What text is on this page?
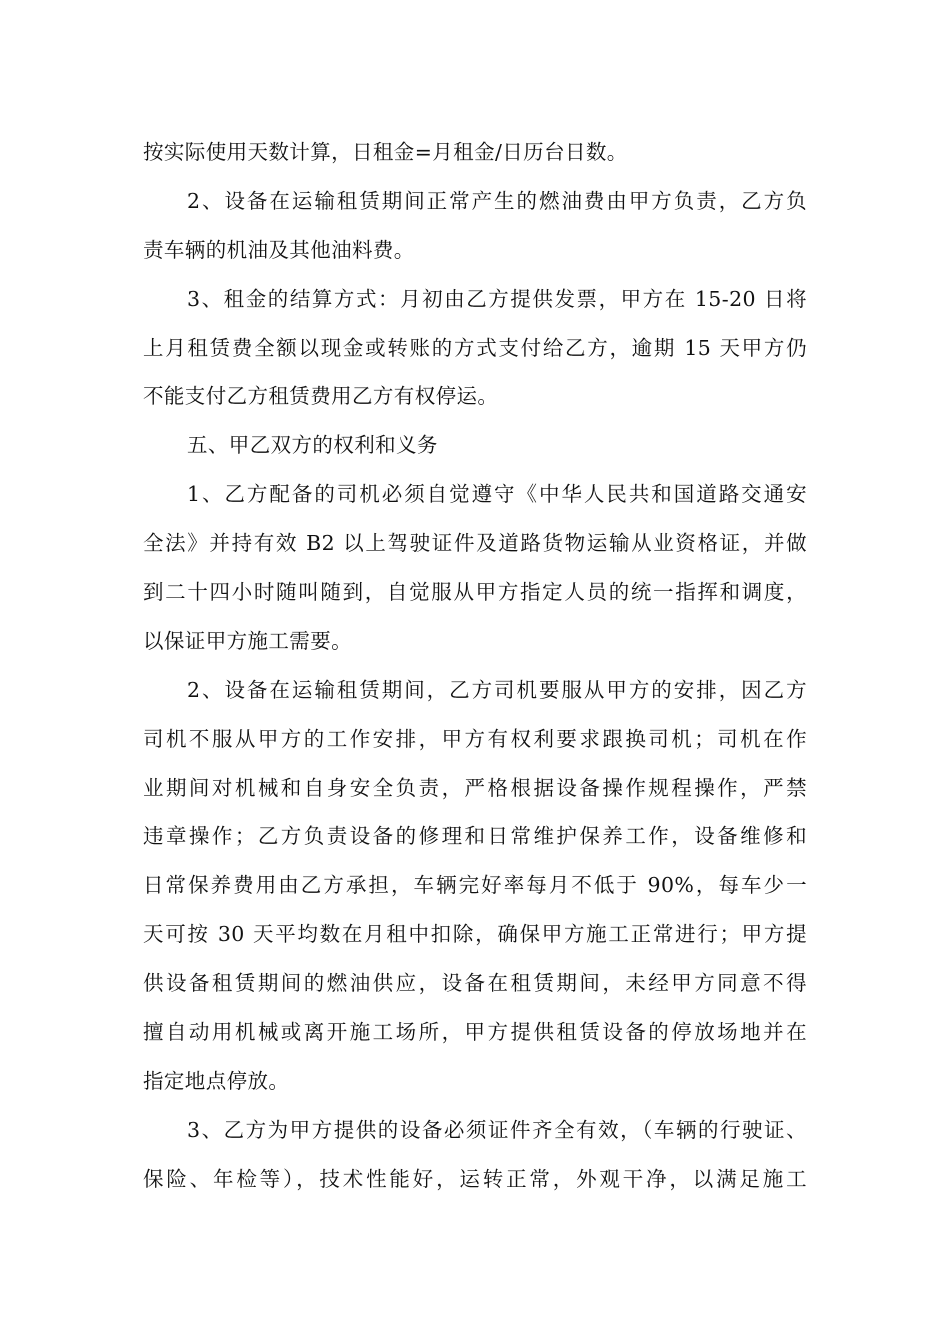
按实际使用天数计算，日租金=月租金/日历台日数。
2、设备在运输租赁期间正常产生的燃油费由甲方负责，乙方负
责车辆的机油及其他油料费。
3、租金的结算方式：月初由乙方提供发票，甲方在 15-20 日将
上月租赁费全额以现金或转账的方式支付给乙方，逾期 15 天甲方仍
不能支付乙方租赁费用乙方有权停运。
五、甲乙双方的权利和义务
1、乙方配备的司机必须自觉遵守《中华人民共和国道路交通安
全法》并持有效 B2 以上驾驶证件及道路货物运输从业资格证，并做
到二十四小时随叫随到，自觉服从甲方指定人员的统一指挥和调度，
以保证甲方施工需要。
2、设备在运输租赁期间，乙方司机要服从甲方的安排，因乙方
司机不服从甲方的工作安排，甲方有权利要求跟换司机；司机在作
业期间对机械和自身安全负责，严格根据设备操作规程操作，严禁
违章操作；乙方负责设备的修理和日常维护保养工作，设备维修和
日常保养费用由乙方承担，车辆完好率每月不低于 90%，每车少一
天可按 30 天平均数在月租中扣除，确保甲方施工正常进行；甲方提
供设备租赁期间的燃油供应，设备在租赁期间，未经甲方同意不得
擅自动用机械或离开施工场所，甲方提供租赁设备的停放场地并在
指定地点停放。
3、乙方为甲方提供的设备必须证件齐全有效，（车辆的行驶证、
保险、年检等），技术性能好，运转正常，外观干净，以满足施工
